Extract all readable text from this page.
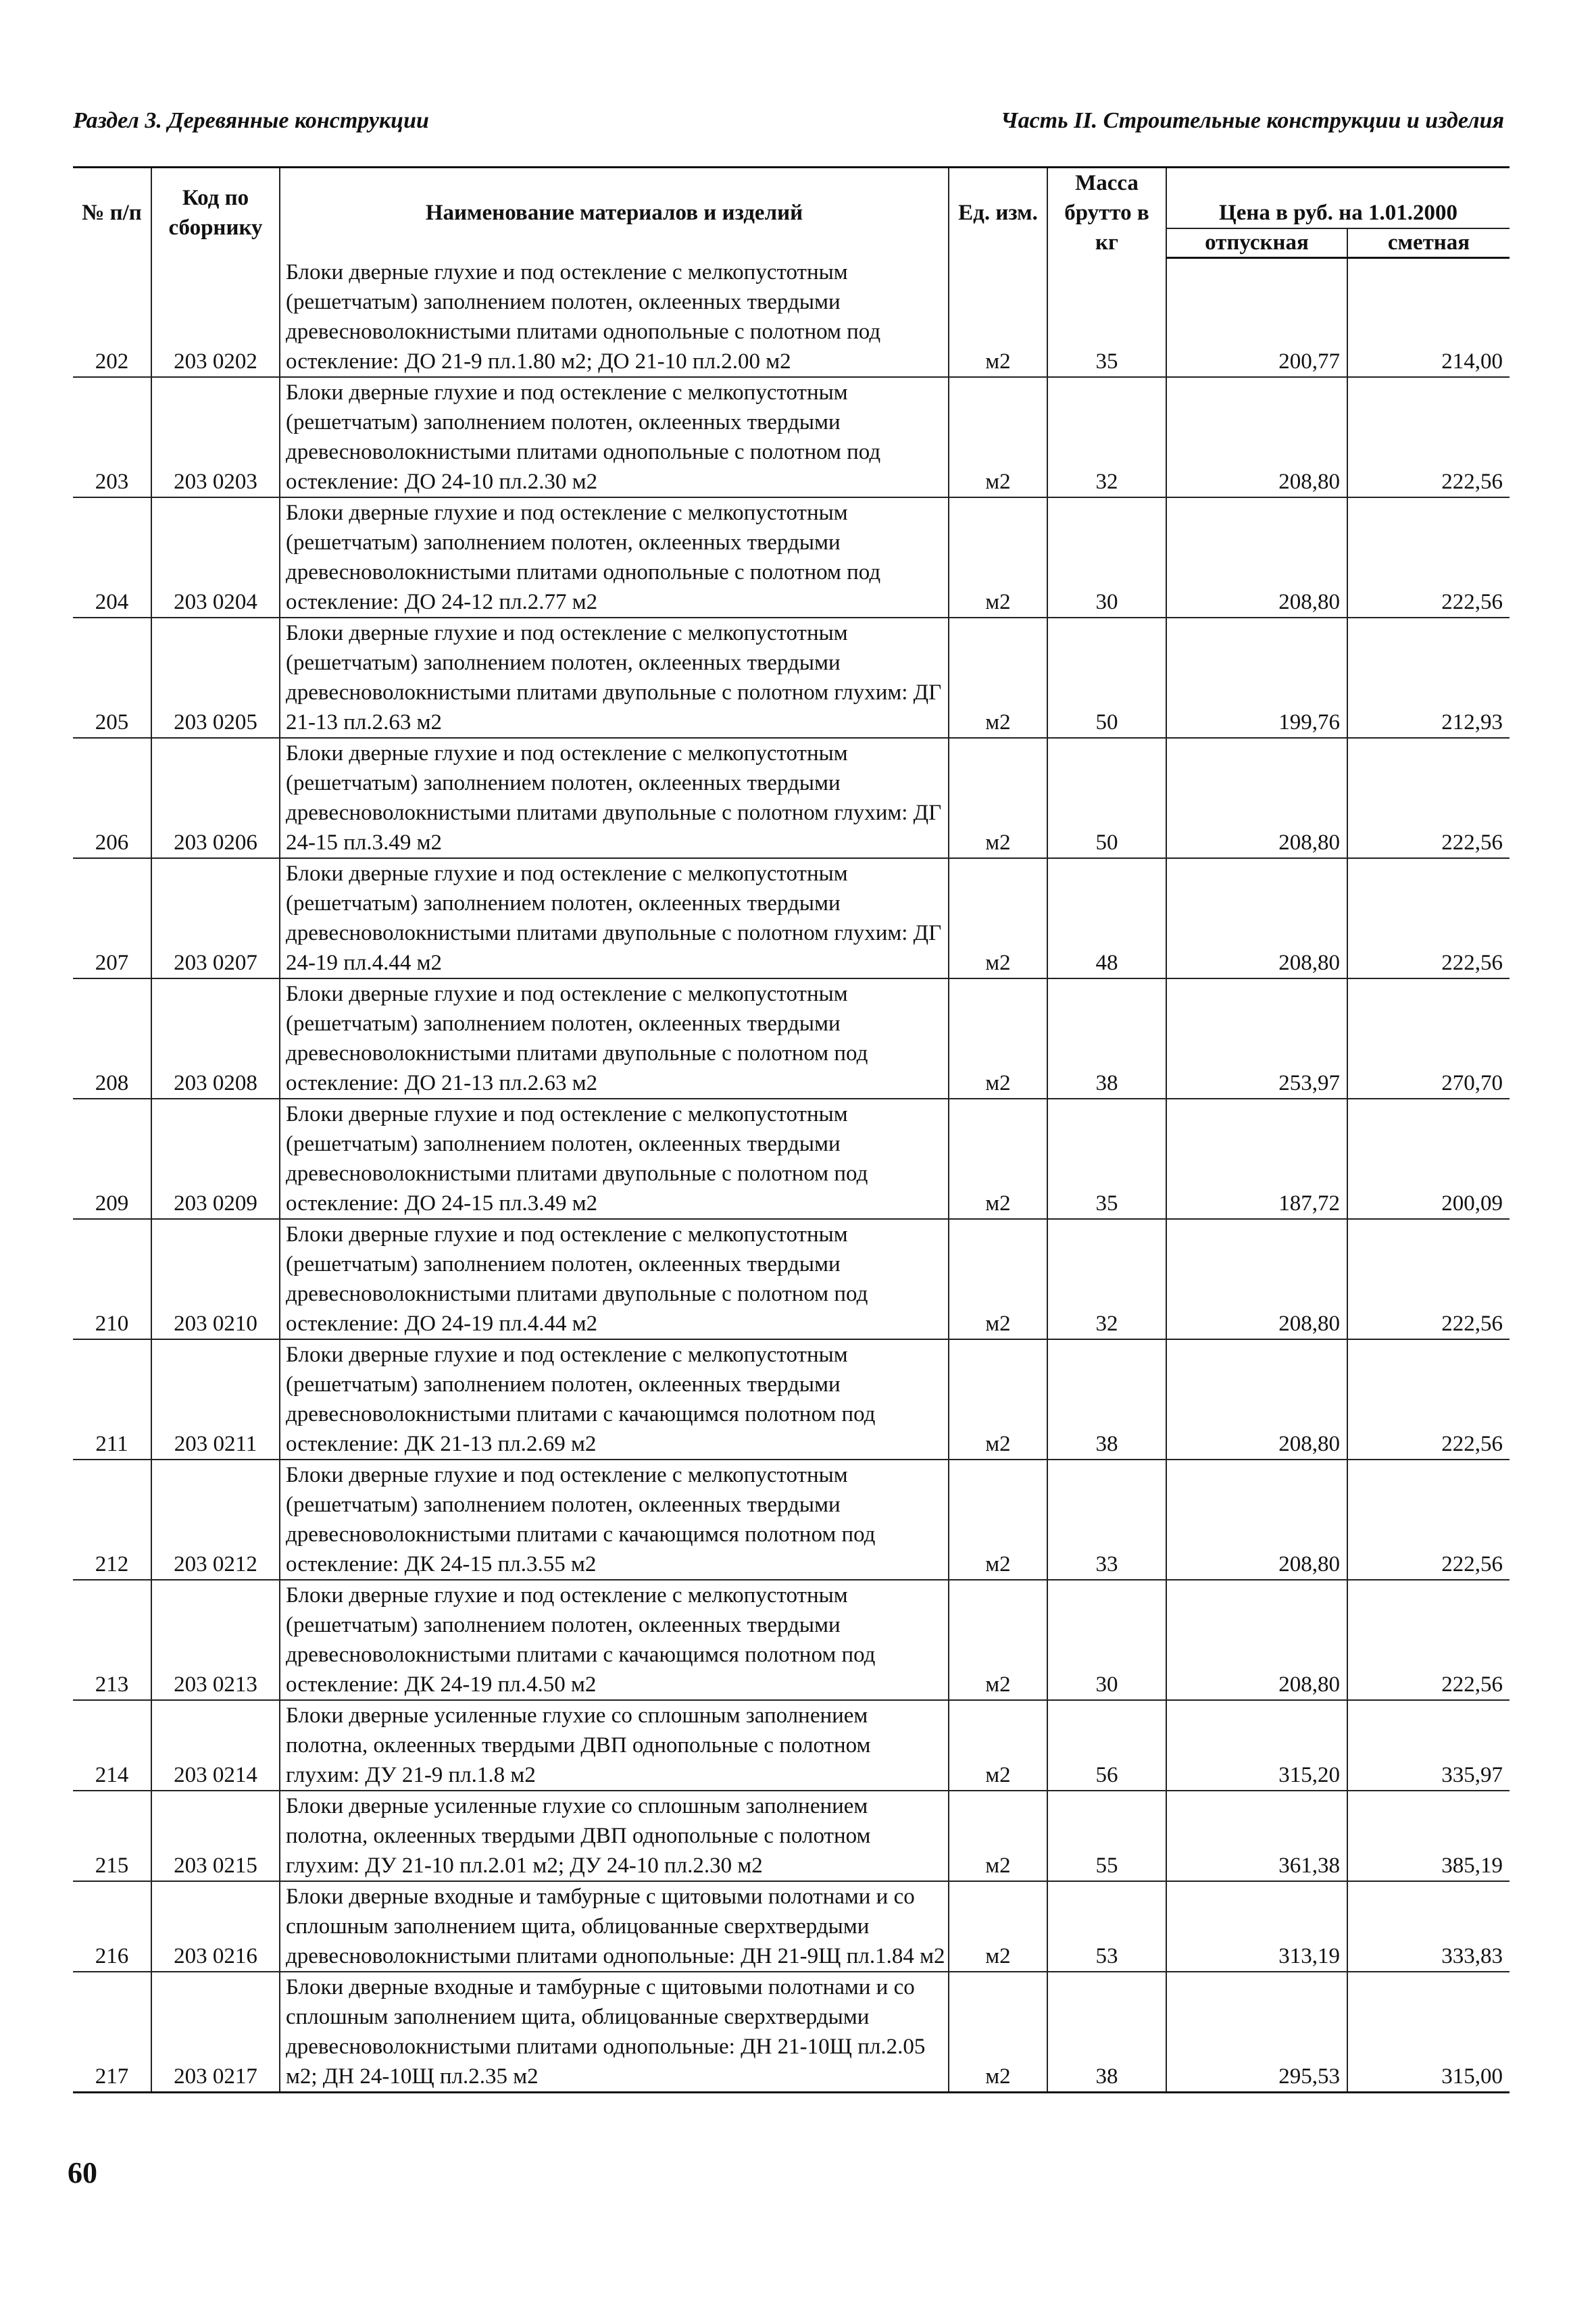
Раздел 3. Деревянные конструкции	Часть II. Строительные конструкции и изделия
№ п/п	Код по сборнику	Наименование материалов и изделий	Ед. изм.	Масса брутто в кг	Цена в руб. на 1.01.2000	
					отпускная	сметная
202	203 0202	Блоки дверные глухие и под остекление с мелкопустотным (решетчатым) заполнением полотен, оклеенных твердыми древесноволокнистыми плитами однопольные с полотном под остекление: ДО 21-9 пл.1.80 м2; ДО 21-10 пл.2.00 м2	м2	35	200,77	214,00
203	203 0203	Блоки дверные глухие и под остекление с мелкопустотным (решетчатым) заполнением полотен, оклеенных твердыми древесноволокнистыми плитами однопольные с полотном под остекление: ДО 24-10 пл.2.30 м2	м2	32	208,80	222,56
204	203 0204	Блоки дверные глухие и под остекление с мелкопустотным (решетчатым) заполнением полотен, оклеенных твердыми древесноволокнистыми плитами однопольные с полотном под остекление: ДО 24-12 пл.2.77 м2	м2	30	208,80	222,56
205	203 0205	Блоки дверные глухие и под остекление с мелкопустотным (решетчатым) заполнением полотен, оклеенных твердыми древесноволокнистыми плитами двупольные с полотном глухим: ДГ 21-13 пл.2.63 м2	м2	50	199,76	212,93
206	203 0206	Блоки дверные глухие и под остекление с мелкопустотным (решетчатым) заполнением полотен, оклеенных твердыми древесноволокнистыми плитами двупольные с полотном глухим: ДГ 24-15 пл.3.49 м2	м2	50	208,80	222,56
207	203 0207	Блоки дверные глухие и под остекление с мелкопустотным (решетчатым) заполнением полотен, оклеенных твердыми древесноволокнистыми плитами двупольные с полотном глухим: ДГ 24-19 пл.4.44 м2	м2	48	208,80	222,56
208	203 0208	Блоки дверные глухие и под остекление с мелкопустотным (решетчатым) заполнением полотен, оклеенных твердыми древесноволокнистыми плитами двупольные с полотном под остекление: ДО 21-13 пл.2.63 м2	м2	38	253,97	270,70
209	203 0209	Блоки дверные глухие и под остекление с мелкопустотным (решетчатым) заполнением полотен, оклеенных твердыми древесноволокнистыми плитами двупольные с полотном под остекление: ДО 24-15 пл.3.49 м2	м2	35	187,72	200,09
210	203 0210	Блоки дверные глухие и под остекление с мелкопустотным (решетчатым) заполнением полотен, оклеенных твердыми древесноволокнистыми плитами двупольные с полотном под остекление: ДО 24-19 пл.4.44 м2	м2	32	208,80	222,56
211	203 0211	Блоки дверные глухие и под остекление с мелкопустотным (решетчатым) заполнением полотен, оклеенных твердыми древесноволокнистыми плитами с качающимся полотном под остекление: ДК 21-13 пл.2.69 м2	м2	38	208,80	222,56
212	203 0212	Блоки дверные глухие и под остекление с мелкопустотным (решетчатым) заполнением полотен, оклеенных твердыми древесноволокнистыми плитами с качающимся полотном под остекление: ДК 24-15 пл.3.55 м2	м2	33	208,80	222,56
213	203 0213	Блоки дверные глухие и под остекление с мелкопустотным (решетчатым) заполнением полотен, оклеенных твердыми древесноволокнистыми плитами с качающимся полотном под остекление: ДК 24-19 пл.4.50 м2	м2	30	208,80	222,56
214	203 0214	Блоки дверные усиленные глухие со сплошным заполнением полотна, оклеенных твердыми ДВП однопольные с полотном глухим: ДУ 21-9 пл.1.8 м2	м2	56	315,20	335,97
215	203 0215	Блоки дверные усиленные глухие со сплошным заполнением полотна, оклеенных твердыми ДВП однопольные с полотном глухим: ДУ 21-10 пл.2.01 м2; ДУ 24-10 пл.2.30 м2	м2	55	361,38	385,19
216	203 0216	Блоки дверные входные и тамбурные с щитовыми полотнами и со сплошным заполнением щита, облицованные сверхтвердыми древесноволокнистыми плитами однопольные: ДН 21-9Щ пл.1.84 м2	м2	53	313,19	333,83
217	203 0217	Блоки дверные входные и тамбурные с щитовыми полотнами и со сплошным заполнением щита, облицованные сверхтвердыми древесноволокнистыми плитами однопольные: ДН 21-10Щ пл.2.05 м2; ДН 24-10Щ пл.2.35 м2	м2	38	295,53	315,00
60
